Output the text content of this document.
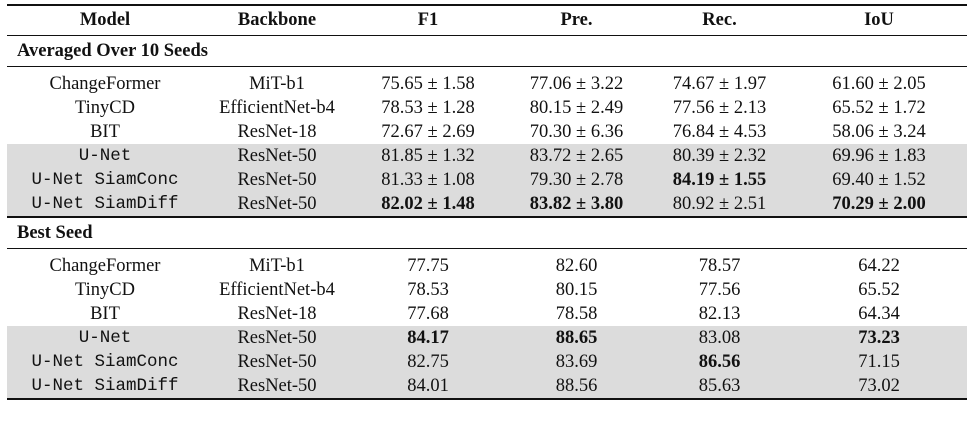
Model	Backbone	F1	Pre.	Rec.	IoU
Averaged Over 10 Seeds					
ChangeFormer	MiT-b1	75.65 ± 1.58	77.06 ± 3.22	74.67 ± 1.97	61.60 ± 2.05
TinyCD	EfficientNet-b4	78.53 ± 1.28	80.15 ± 2.49	77.56 ± 2.13	65.52 ± 1.72
BIT	ResNet-18	72.67 ± 2.69	70.30 ± 6.36	76.84 ± 4.53	58.06 ± 3.24
U-Net	ResNet-50	81.85 ± 1.32	83.72 ± 2.65	80.39 ± 2.32	69.96 ± 1.83
U-Net SiamConc	ResNet-50	81.33 ± 1.08	79.30 ± 2.78	84.19 ± 1.55	69.40 ± 1.52
U-Net SiamDiff	ResNet-50	82.02 ± 1.48	83.82 ± 3.80	80.92 ± 2.51	70.29 ± 2.00
Best Seed					
ChangeFormer	MiT-b1	77.75	82.60	78.57	64.22
TinyCD	EfficientNet-b4	78.53	80.15	77.56	65.52
BIT	ResNet-18	77.68	78.58	82.13	64.34
U-Net	ResNet-50	84.17	88.65	83.08	73.23
U-Net SiamConc	ResNet-50	82.75	83.69	86.56	71.15
U-Net SiamDiff	ResNet-50	84.01	88.56	85.63	73.02
